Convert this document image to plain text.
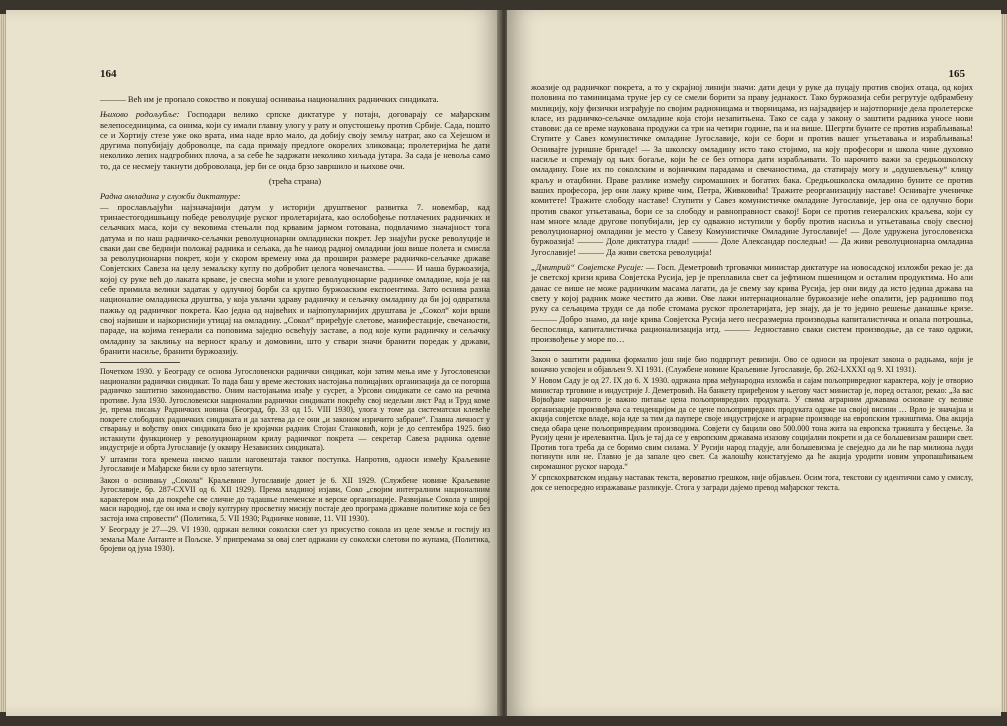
164

——— Већ им је пропало сокоство и покушај оснивања националних радничких синдиката.

Њихово родољубље: Господари велико српске диктатуре у потајн, договарају се мађарским велепоседницима, са онима, који су имали главну улогу у рату и опустошењу против Србије. Сада, пошто се и Хортију стезе уже око врата, има наде врло мало, да добију своју земљу натраг, ако са Хејешом и другима попубијају доброволце, па сада примају предлоге окорелих зликоваца; пролетеријма ће дати неколико лепих надгробних плоча, а за себе ће задржати неколико хиљада јутара. За сада је невоља само то, да се несмеју такнути доброволаца, јер би се онда брзо завршило и њихове очи.

(трећа страна)

Радна омладина у служби диктатуре:

— прослављајући најзначајнији датум у историји друштвеног развитка 7. новембар, кад тринаестогодишњицу победе револуције руског пролетаријата, као ослобођење потлачених радничких и сељачких маса, који су вековима стењали под крвавим јармом готована, подвлачимо значајност тога датума и по наш радничко-сељачки револуционарни омладински покрет. Јер знајући руске револуције и сваки дан све беднији положај радника и сељака, да ће наиод радној омладини још више полета и смисла за револуционарни покрет, који у скором времену има да прошири размере радничко-сељачке државе Совјетских Савеза на целу земаљску куглу по добробит целога човечанства. ——— И наша буржоазија, којој су руке већ до лаката крваве, је свесна моћи и улоге револуционарне радничке омладине, која је на себе примила велики задатак у одлучној борби са крупно буржоаским експоентима. Зато оснива разна националне омладинска друштва, у која увлачи здраву радничку и сељачку омладину да би јој одвратила пажњу од радничког покрета. Као једна од највећих и најпопуларнијих друштава је „Сокол“ који врши свој највиши и најкориснији утицај на омладину. „Сокол“ приређује слетове, манифестације, свечаности, параде, на којима генерали са поповима заједно освећују заставе, а под које купи радничку и сељачку омладину за заклињу на верност краљу и домовини, што у ствари значи бранити поредак у држави, бранити насиље, бранити буржоазију.

Почетком 1930. у Београду се основа Југословенски раднички синдикат, који затим мења име у Југословенски национални раднички синдикат. То пада баш у време жестоких настојања полицајних организација да се погорша радничко заштитно законодавство. Оним настојањима изађе у сусрет, а Урсови синдикати се само на речима противе. Јула 1930. Југословенски национални раднички синдикати покрећу свој недељни лист Рад и Труд коме је, према писању Радничких новина (Београд, бр. 33 од 15. VIII 1930), улога у томе да систематски клевеће покрете слободних радничких синдиката и да захтева да се они „и законом изричито забране“. Главна личност у стварању и вођству ових синдиката био је кројачки радник Стојан Станковић, који је до септембра 1925. био истакнути функционер у револуционарном крилу радничког покрета — секретар Савеза радника одевне индустрије и обрта Југославије (у оквиру Независних синдиката).

У штампи тога времена нисмо нашли наговештаја таквог поступка. Напротив, односи између Краљевине Југославије и Мађарске били су врло затегнути.

Закон о оснивању „Сокола“ Краљевине Југославије донет је 6. XII 1929. (Службене новине Краљевине Југославије, бр. 287-CXVII од 6. XII 1929). Према владиној изјави, Соко „својим интегралним националним карактером има да покреће све сличне до тадашње племенске и верске организације. Развијање Сокола у широј маси народној, где он има и своју културну просветну мисију постаје део програма државне политике која се без застоја има спровести“ (Политика, 5. VII 1930; Радничке новине, 11. VII 1930).

У Београду је 27—29. VI 1930. одржан велики соколски слет уз присуство сокола из целе земље и гостију из земаља Мале Антанте и Пољске. У припремама за овај слет одржани су соколски слетови по жупама, (Политика, бројеви од јуна 1930).

165

жоазије од радничког покрета, а то у скрајној линији значи: дати деци у руке да пуцају против својих отаца, од којих половина по таминицама труне јер су се смели борити за праву једнакост. Тако буржоазија себи регрутује одбрамбену милицију, коју физички изграђује по својим радионицама и творницама, из најзадвијер и најотпорније дела пролетерске класе, из радничко-сељачке омладине која стоји незапитњена. Тако се сада у закону о заштити радника уносе нови ставови: да се време наукована продужи са три на четири године, па и на више. Шегрти буните се против израбљивања! Ступите у Савез комунистичке омладине Југославије, који се бори и против вашег угњетавања и израбљивања! Оснивајте јуришне бригаде! — За школску омладину исто тако стојимо, на коју професори и школа чине духовно насиље и спремају од њих богаље, који ће се без отпора дати израбљивати. То нарочито важи за средњошколску омладину. Гоне их по соколским и војничким парадама и свечаностима, да статирају могу и „одушевљењу“ клицу краљу и отаџбини. Праве разлике између сиромашних и богатих бака. Средњошколска омладино буните се против ваших професора, јер они лажу криве чим, Петра, Живковића! Тражите реорганизацију наставе! Оснивајте ученичке комитете! Тражите слободу наставе! Ступити у Савез комунистичке омладине Југославије, јер она се одлучно бори против сваког угњетавања, бори се за слободу и равноправност свакој! Бори се против генералских краљева, који су нам многе младе другове попубијали, јер су одважно иступили у борбу против насиља и угњетавања своју свесној револуционарној омладини је место у Савезу Комунистичке Омладине Југославије! — Доле удружена југословенска буржоазија! ——— Доле диктатура глади! ——— Доле Александар последњи! — Да живи револуционарна омладина Југославије! ——— Да живи светска револуција!

„Дмитрий“ Совјетске Русије: — Гоcп. Деметровић трговачки министар диктатуре на новосадској изложби рекао је: да је светској кризи крива Совјетска Русија, јер је преплавила свет са јефтином пшеницом и осталим продуктима. Но али данас се више не може радничким масама лагати, да је свему зау крива Русија, јер они виду да исто једина држава на свету у којој радник може честито да живи. Ове лажи интернационалне буржоазије неће опалити, јер раднишво под руку са сељацима труди се да побе стомама руског пролетаријата, јер знају, да је то једино решење данашње кризе. ——— Добро знамо, да није крива Совјетска Русија него несразмерна производња капиталистичка и опала потрошња, беспослица, капиталистичка рационализација итд. ——— Једноставно сваки систем производње, да се тако одржи, произвођење у море по…

Закон о заштити радника формално још није био подвргнут ревизији. Ово се односи на пројекат закона о радњама, који је коначно усвојен и објављен 9. XI 1931. (Службене новине Краљевине Југославије, бр. 262-LXXXI од 9. XI 1931).

У Новом Саду је од 27. IX до 6. X 1930. одржана прва међународна изложба и сајам пољопривредног карактера, коју је отворио министар трговине и индустрије Ј. Деметровић. На банкету приређеном у његову част министар је, поред осталог, рекао: „За вас Војвођане нарочито је важно питање цена пољопривредних продуката. У свима аграрним државама основане су велике организације произвођача са тенденцијом да се цене пољопривредних продуката одрже на својој висини … Врло је значајна и акција совјетске владе, која иде за тим да паупере своје индустријске и аграрне производе на европским тржиштима. Ова акција сведа обара цене пољопривредним производима. Совјети су бацили ово 500.000 тона жита на европска тржишта у бесцење. За Русију цени је ирелевантна. Циљ је тај да се у европским државама изазову социјални покрети и да се бољшевизам рашири свет. Против тога треба да се боримо свим силама. У Русији народ гладује, али бољшевизма је свеједно да ли ће пар милиона људи погинути или не. Главно је да запале цео свет. Са жалошћу констатујемо да ће акција уродити новим упропашћивањем сиромашног руског народа.“

У српскохрватском издању наставак текста, вероватно грешком, није објављен. Осим тога, текстови су идентични само у смислу, док се непосредно изражавање разликује. Стога у загради дајемо превод мађарског текста.
